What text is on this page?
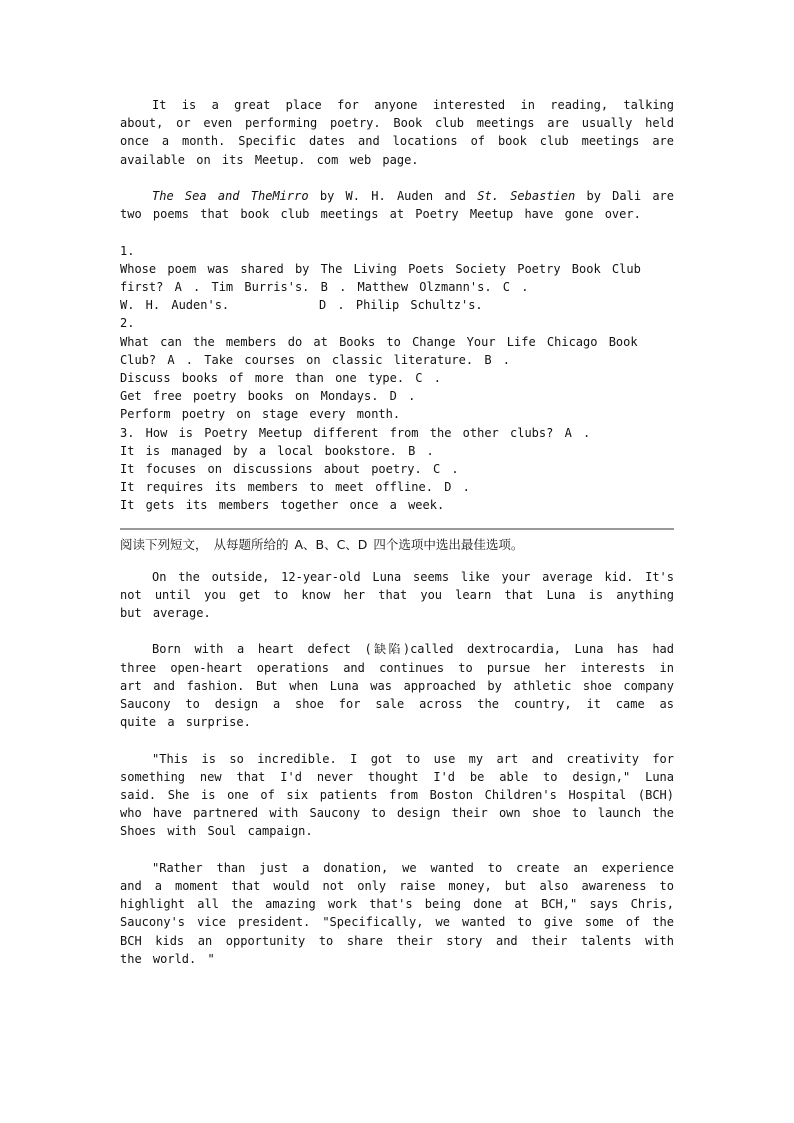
It is a great place for anyone interested in reading, talking about, or even performing poetry. Book club meetings are usually held once a month. Specific dates and locations of book club meetings are available on its Meetup. com web page.

The Sea and TheMirro by W. H. Auden and St. Sebastien by Dali are two poems that book club meetings at Poetry Meetup have gone over.

1.
Whose poem was shared by The Living Poets Society Poetry Book Club first? A . Tim Burris's. B . Matthew Olzmann's. C .
W. H. Auden's.        D . Philip Schultz's.
2.
What can the members do at Books to Change Your Life Chicago Book Club? A . Take courses on classic literature. B .
Discuss books of more than one type. C .
Get free poetry books on Mondays. D .
Perform poetry on stage every month.
3. How is Poetry Meetup different from the other clubs? A .
It is managed by a local bookstore. B .
It focuses on discussions about poetry. C .
It requires its members to meet offline. D .
It gets its members together once a week.

阅读下列短文， 从每题所给的 A、B、C、D 四个选项中选出最佳选项。

On the outside, 12-year-old Luna seems like your average kid. It's not until you get to know her that you learn that Luna is anything but average.

Born with a heart defect (缺陷)called dextrocardia, Luna has had three open-heart operations and continues to pursue her interests in art and fashion. But when Luna was approached by athletic shoe company Saucony to design a shoe for sale across the country, it came as quite a surprise.

"This is so incredible. I got to use my art and creativity for something new that I'd never thought I'd be able to design," Luna said. She is one of six patients from Boston Children's Hospital (BCH) who have partnered with Saucony to design their own shoe to launch the Shoes with Soul campaign.

"Rather than just a donation, we wanted to create an experience and a moment that would not only raise money, but also awareness to highlight all the amazing work that's being done at BCH," says Chris, Saucony's vice president. "Specifically, we wanted to give some of the BCH kids an opportunity to share their story and their talents with the world. "
